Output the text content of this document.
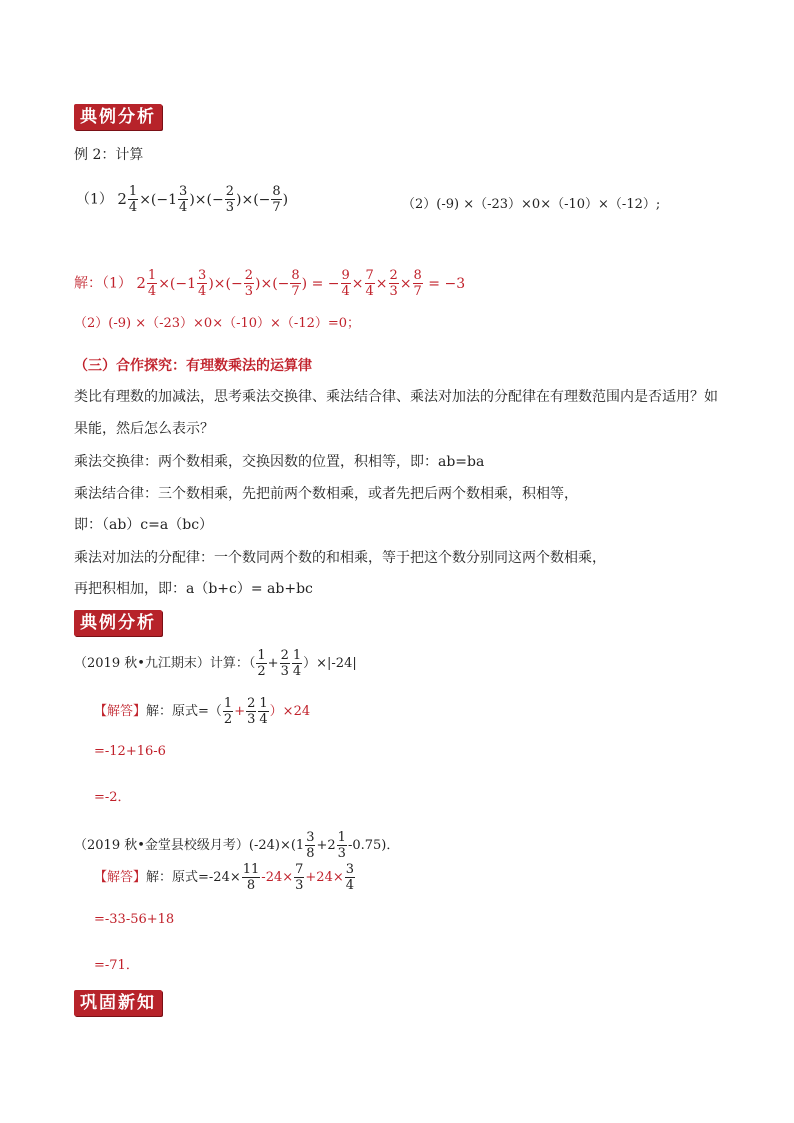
典例分析
例 2：计算
（1） $2 \frac{1}{4} \times(-1 \frac{3}{4}$ )×(− $\frac{2}{3}$ )×(− $\frac{8}{7}$ )	（2）(-9) ×（-23）×0×（-10）×（-12）;
解：（1） $2 \frac{1}{4} \times(-1 \frac{3}{4}$ )×(− $\frac{2}{3}$ )×(− $\frac{8}{7}$ ) = − $\frac{9}{4} \times \frac{7}{4} \times \frac{2}{3} \times \frac{8}{7} = -3$
（2）(-9) ×（-23）×0×（-10）×（-12）=0；
（三）合作探究：有理数乘法的运算律
类比有理数的加减法，思考乘法交换律、乘法结合律、乘法对加法的分配律在有理数范围内是否适用？如
果能，然后怎么表示？
乘法交换律：两个数相乘，交换因数的位置，积相等，即：ab=ba
乘法结合律：三个数相乘，先把前两个数相乘，或者先把后两个数相乘，积相等，
即：（ab）c=a（bc）
乘法对加法的分配律：一个数同两个数的和相乘，等于把这个数分别同这两个数相乘，
再把积相加，即：a（b+c）= ab+bc
典例分析
（2019 秋•九江期末）计算：（ $\frac{1}{2} + \frac{2}{3} \frac{1}{4} )\times|-24|$
【解答】解：原式=（ $\frac{1}{2} + \frac{2}{3} \frac{1}{4} )\times 24$
=-12+16-6
=-2．
（2019 秋•金堂县校级月考）$(-24)\times(1 \frac{3}{8} +2 \frac{1}{3} -0.75)$．
【解答】解：原式$=-24\times \frac{11}{8} -24\times \frac{7}{3} +24\times \frac{3}{4}$
=-33-56+18
=-71．
巩固新知
